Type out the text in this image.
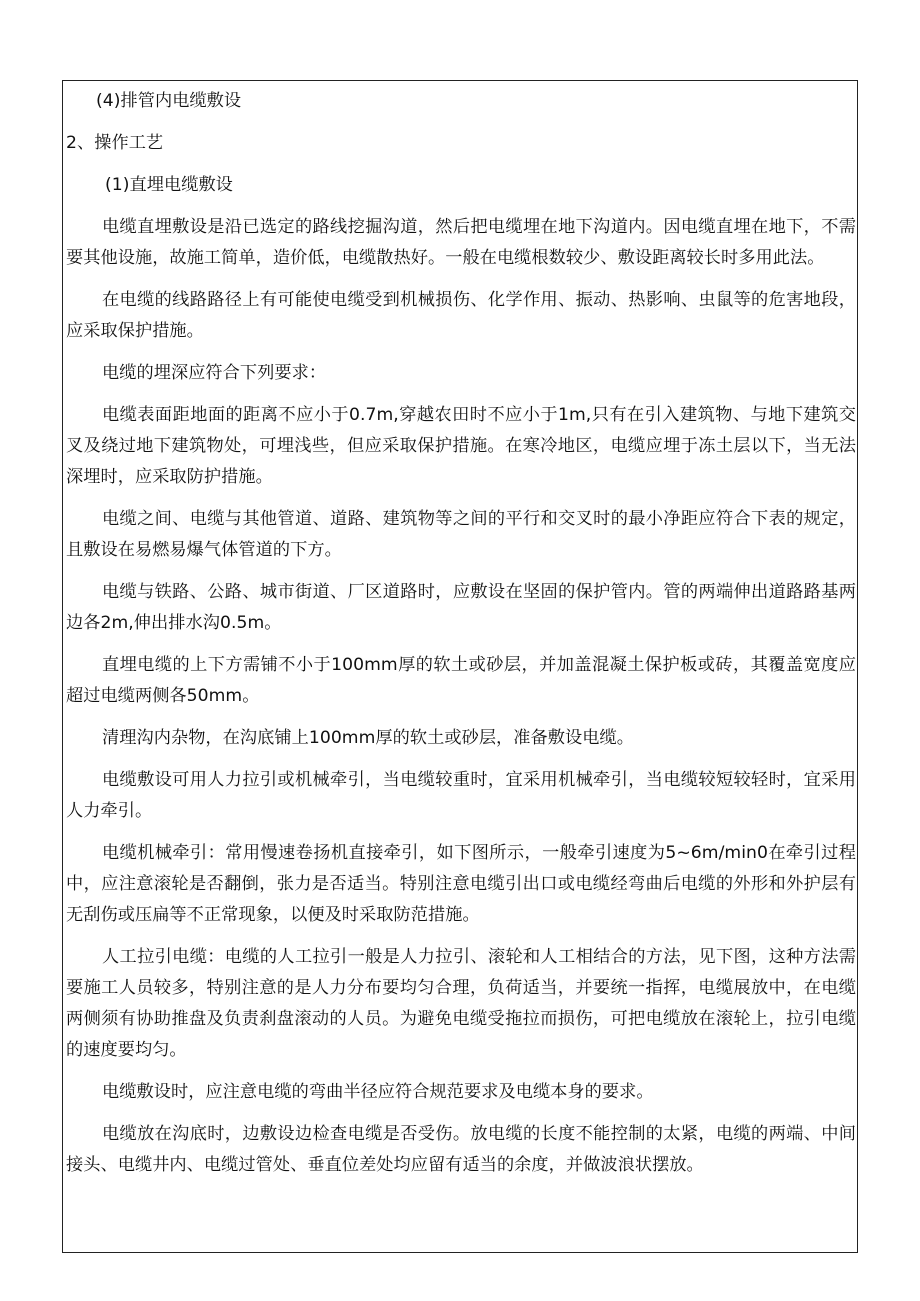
(4)排管内电缆敷设

2、操作工艺

(1)直埋电缆敷设

电缆直埋敷设是沿已选定的路线挖掘沟道，然后把电缆埋在地下沟道内。因电缆直埋在地下，不需要其他设施，故施工简单，造价低，电缆散热好。一般在电缆根数较少、敷设距离较长时多用此法。

在电缆的线路路径上有可能使电缆受到机械损伤、化学作用、振动、热影响、虫鼠等的危害地段，应采取保护措施。

电缆的埋深应符合下列要求：

电缆表面距地面的距离不应小于0.7m,穿越农田时不应小于1m,只有在引入建筑物、与地下建筑交叉及绕过地下建筑物处，可埋浅些，但应采取保护措施。在寒冷地区，电缆应埋于冻土层以下，当无法深埋时，应采取防护措施。

电缆之间、电缆与其他管道、道路、建筑物等之间的平行和交叉时的最小净距应符合下表的规定，且敷设在易燃易爆气体管道的下方。

电缆与铁路、公路、城市街道、厂区道路时，应敷设在坚固的保护管内。管的两端伸出道路路基两边各2m,伸出排水沟0.5m。

直埋电缆的上下方需铺不小于100mm厚的软土或砂层，并加盖混凝土保护板或砖，其覆盖宽度应超过电缆两侧各50mm。

清理沟内杂物，在沟底铺上100mm厚的软土或砂层，准备敷设电缆。

电缆敷设可用人力拉引或机械牵引，当电缆较重时，宜采用机械牵引，当电缆较短较轻时，宜采用人力牵引。

电缆机械牵引：常用慢速卷扬机直接牵引，如下图所示，一般牵引速度为5~6m∕min0在牵引过程中，应注意滚轮是否翻倒，张力是否适当。特别注意电缆引出口或电缆经弯曲后电缆的外形和外护层有无刮伤或压扁等不正常现象，以便及时采取防范措施。

人工拉引电缆：电缆的人工拉引一般是人力拉引、滚轮和人工相结合的方法，见下图，这种方法需要施工人员较多，特别注意的是人力分布要均匀合理，负荷适当，并要统一指挥，电缆展放中，在电缆两侧须有协助推盘及负责刹盘滚动的人员。为避免电缆受拖拉而损伤，可把电缆放在滚轮上，拉引电缆的速度要均匀。

电缆敷设时，应注意电缆的弯曲半径应符合规范要求及电缆本身的要求。

电缆放在沟底时，边敷设边检查电缆是否受伤。放电缆的长度不能控制的太紧，电缆的两端、中间接头、电缆井内、电缆过管处、垂直位差处均应留有适当的余度，并做波浪状摆放。
